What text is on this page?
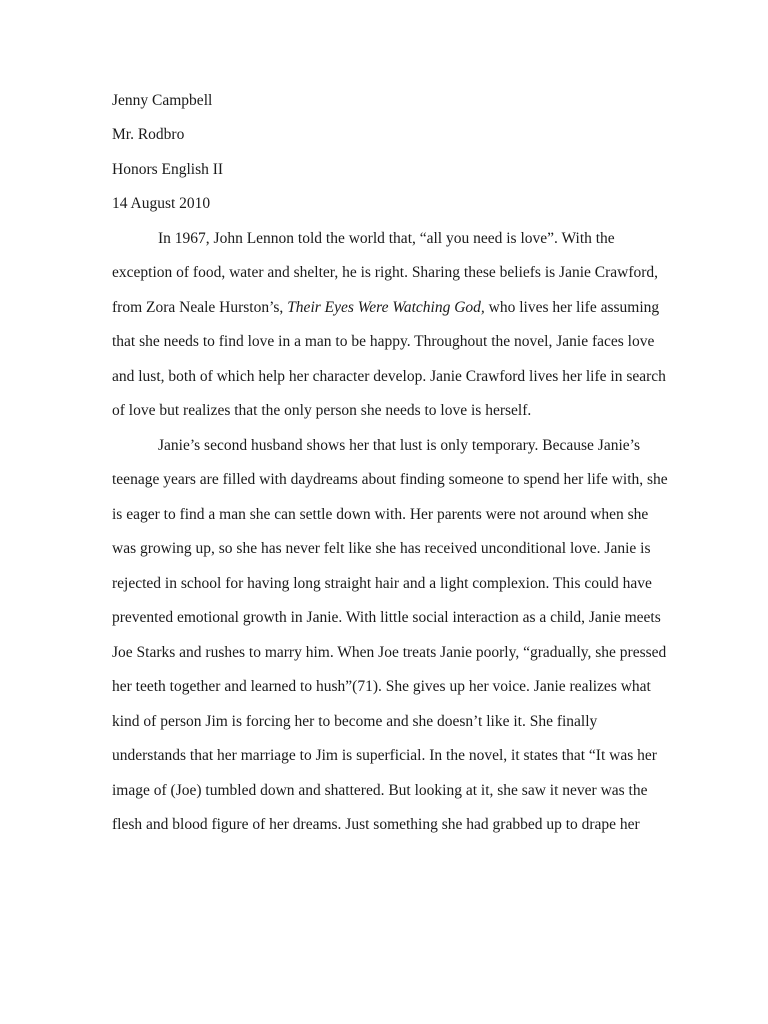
Jenny Campbell
Mr. Rodbro
Honors English II
14 August 2010
In 1967, John Lennon told the world that, “all you need is love”. With the
exception of food, water and shelter, he is right. Sharing these beliefs is Janie Crawford,
from Zora Neale Hurston’s, Their Eyes Were Watching God, who lives her life assuming
that she needs to find love in a man to be happy. Throughout the novel, Janie faces love
and lust, both of which help her character develop. Janie Crawford lives her life in search
of love but realizes that the only person she needs to love is herself.
Janie’s second husband shows her that lust is only temporary. Because Janie’s
teenage years are filled with daydreams about finding someone to spend her life with, she
is eager to find a man she can settle down with. Her parents were not around when she
was growing up, so she has never felt like she has received unconditional love. Janie is
rejected in school for having long straight hair and a light complexion. This could have
prevented emotional growth in Janie. With little social interaction as a child, Janie meets
Joe Starks and rushes to marry him. When Joe treats Janie poorly, “gradually, she pressed
her teeth together and learned to hush”(71). She gives up her voice. Janie realizes what
kind of person Jim is forcing her to become and she doesn’t like it. She finally
understands that her marriage to Jim is superficial. In the novel, it states that “It was her
image of (Joe) tumbled down and shattered. But looking at it, she saw it never was the
flesh and blood figure of her dreams. Just something she had grabbed up to drape her
